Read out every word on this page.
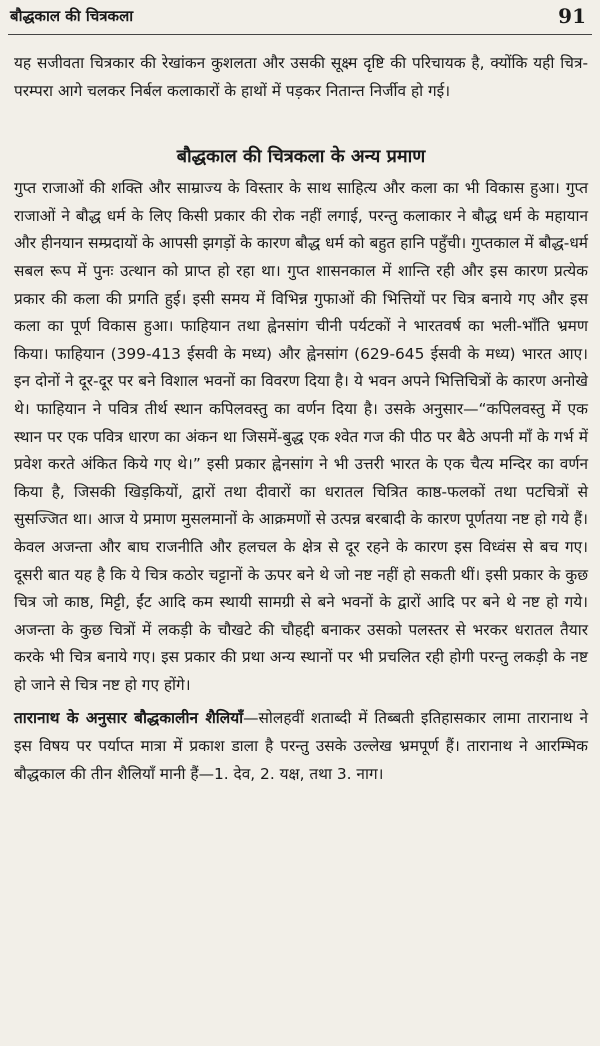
बौद्धकाल की चित्रकला	91

यह सजीवता चित्रकार की रेखांकन कुशलता और उसकी सूक्ष्म दृष्टि की परिचायक है, क्योंकि यही चित्र-परम्परा आगे चलकर निर्बल कलाकारों के हाथों में पड़कर नितान्त निर्जीव हो गई।

बौद्धकाल की चित्रकला के अन्य प्रमाण

गुप्त राजाओं की शक्ति और साम्राज्य के विस्तार के साथ साहित्य और कला का भी विकास हुआ। गुप्त राजाओं ने बौद्ध धर्म के लिए किसी प्रकार की रोक नहीं लगाई, परन्तु कलाकार ने बौद्ध धर्म के महायान और हीनयान सम्प्रदायों के आपसी झगड़ों के कारण बौद्ध धर्म को बहुत हानि पहुँची। गुप्तकाल में बौद्ध-धर्म सबल रूप में पुनः उत्थान को प्राप्त हो रहा था। गुप्त शासनकाल में शान्ति रही और इस कारण प्रत्येक प्रकार की कला की प्रगति हुई। इसी समय में विभिन्न गुफाओं की भित्तियों पर चित्र बनाये गए और इस कला का पूर्ण विकास हुआ। फाहियान तथा ह्वेनसांग चीनी पर्यटकों ने भारतवर्ष का भली-भाँति भ्रमण किया। फाहियान (399-413 ईसवी के मध्य) और ह्वेनसांग (629-645 ईसवी के मध्य) भारत आए। इन दोनों ने दूर-दूर पर बने विशाल भवनों का विवरण दिया है। ये भवन अपने भित्तिचित्रों के कारण अनोखे थे। फाहियान ने पवित्र तीर्थ स्थान कपिलवस्तु का वर्णन दिया है। उसके अनुसार—“कपिलवस्तु में एक स्थान पर एक पवित्र धारण का अंकन था जिसमें-बुद्ध एक श्वेत गज की पीठ पर बैठे अपनी माँ के गर्भ में प्रवेश करते अंकित किये गए थे।” इसी प्रकार ह्वेनसांग ने भी उत्तरी भारत के एक चैत्य मन्दिर का वर्णन किया है, जिसकी खिड़कियों, द्वारों तथा दीवारों का धरातल चित्रित काष्ठ-फलकों तथा पटचित्रों से सुसज्जित था। आज ये प्रमाण मुसलमानों के आक्रमणों से उत्पन्न बरबादी के कारण पूर्णतया नष्ट हो गये हैं। केवल अजन्ता और बाघ राजनीति और हलचल के क्षेत्र से दूर रहने के कारण इस विध्वंस से बच गए। दूसरी बात यह है कि ये चित्र कठोर चट्टानों के ऊपर बने थे जो नष्ट नहीं हो सकती थीं। इसी प्रकार के कुछ चित्र जो काष्ठ, मिट्टी, ईंट आदि कम स्थायी सामग्री से बने भवनों के द्वारों आदि पर बने थे नष्ट हो गये। अजन्ता के कुछ चित्रों में लकड़ी के चौखटे की चौहद्दी बनाकर उसको पलस्तर से भरकर धरातल तैयार करके भी चित्र बनाये गए। इस प्रकार की प्रथा अन्य स्थानों पर भी प्रचलित रही होगी परन्तु लकड़ी के नष्ट हो जाने से चित्र नष्ट हो गए होंगे।

तारानाथ के अनुसार बौद्धकालीन शैलियाँ—सोलहवीं शताब्दी में तिब्बती इतिहासकार लामा तारानाथ ने इस विषय पर पर्याप्त मात्रा में प्रकाश डाला है परन्तु उसके उल्लेख भ्रमपूर्ण हैं। तारानाथ ने आरम्भिक बौद्धकाल की तीन शैलियाँ मानी हैं—1. देव, 2. यक्ष, तथा 3. नाग।
